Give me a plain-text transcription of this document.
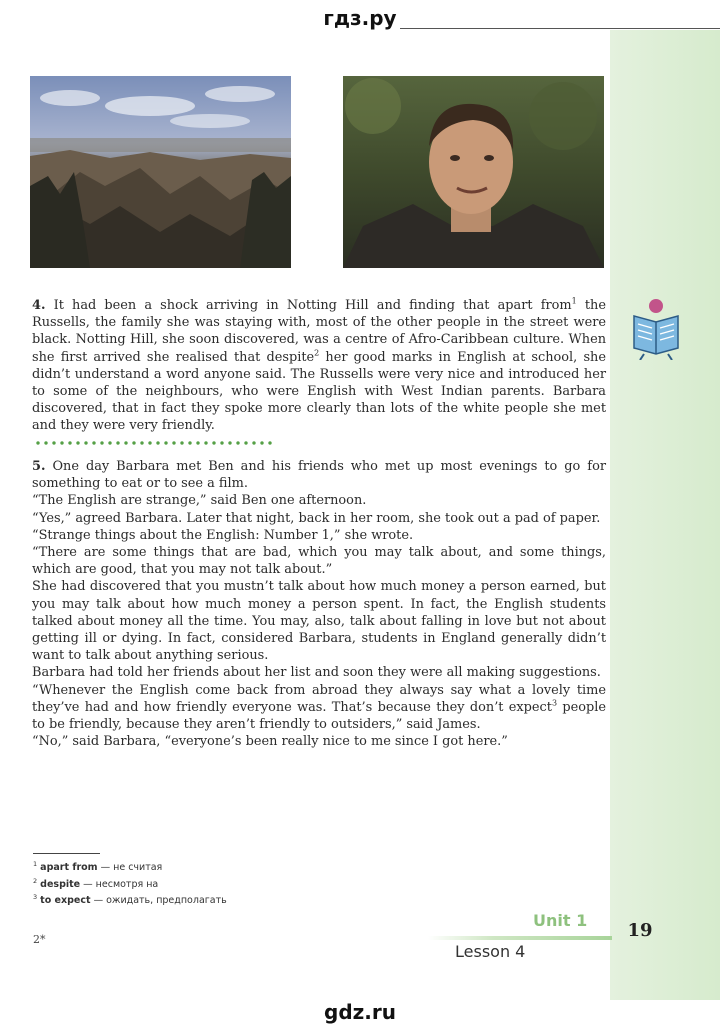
гдз.ру
4. It had been a shock arriving in Notting Hill and finding that apart from$^1$ the Russells, the family she was staying with, most of the other people in the street were black. Notting Hill, she soon discovered, was a centre of Afro-Caribbean culture. When she first arrived she realised that despite$^2$ her good marks in English at school, she didn’t understand a word anyone said. The Russells were very nice and introduced her to some of the neighbours, who were English with West Indian parents. Barbara discovered, that in fact they spoke more clearly than lots of the white people she met and they were very friendly.
5. One day Barbara met Ben and his friends who met up most evenings to go for something to eat or to see a film.
“The English are strange,” said Ben one afternoon.
“Yes,” agreed Barbara. Later that night, back in her room, she took out a pad of paper.
“Strange things about the English: Number 1,” she wrote.
“There are some things that are bad, which you may talk about, and some things, which are good, that you may not talk about.”
She had discovered that you mustn’t talk about how much money a person earned, but you may talk about how much money a person spent. In fact, the English students talked about money all the time. You may, also, talk about falling in love but not about getting ill or dying. In fact, considered Barbara, students in England generally didn’t want to talk about anything serious.
Barbara had told her friends about her list and soon they were all making suggestions.
“Whenever the English come back from abroad they always say what a lovely time they’ve had and how friendly everyone was. That’s because they don’t expect$^3$ people to be friendly, because they aren’t friendly to outsiders,” said James.
“No,” said Barbara, “everyone’s been really nice to me since I got here.”
$^1$ apart from — не считая
$^2$ despite — несмотря на
$^3$ to expect — ожидать, предполагать
2*
Unit 1
Lesson 4
19
gdz.ru
